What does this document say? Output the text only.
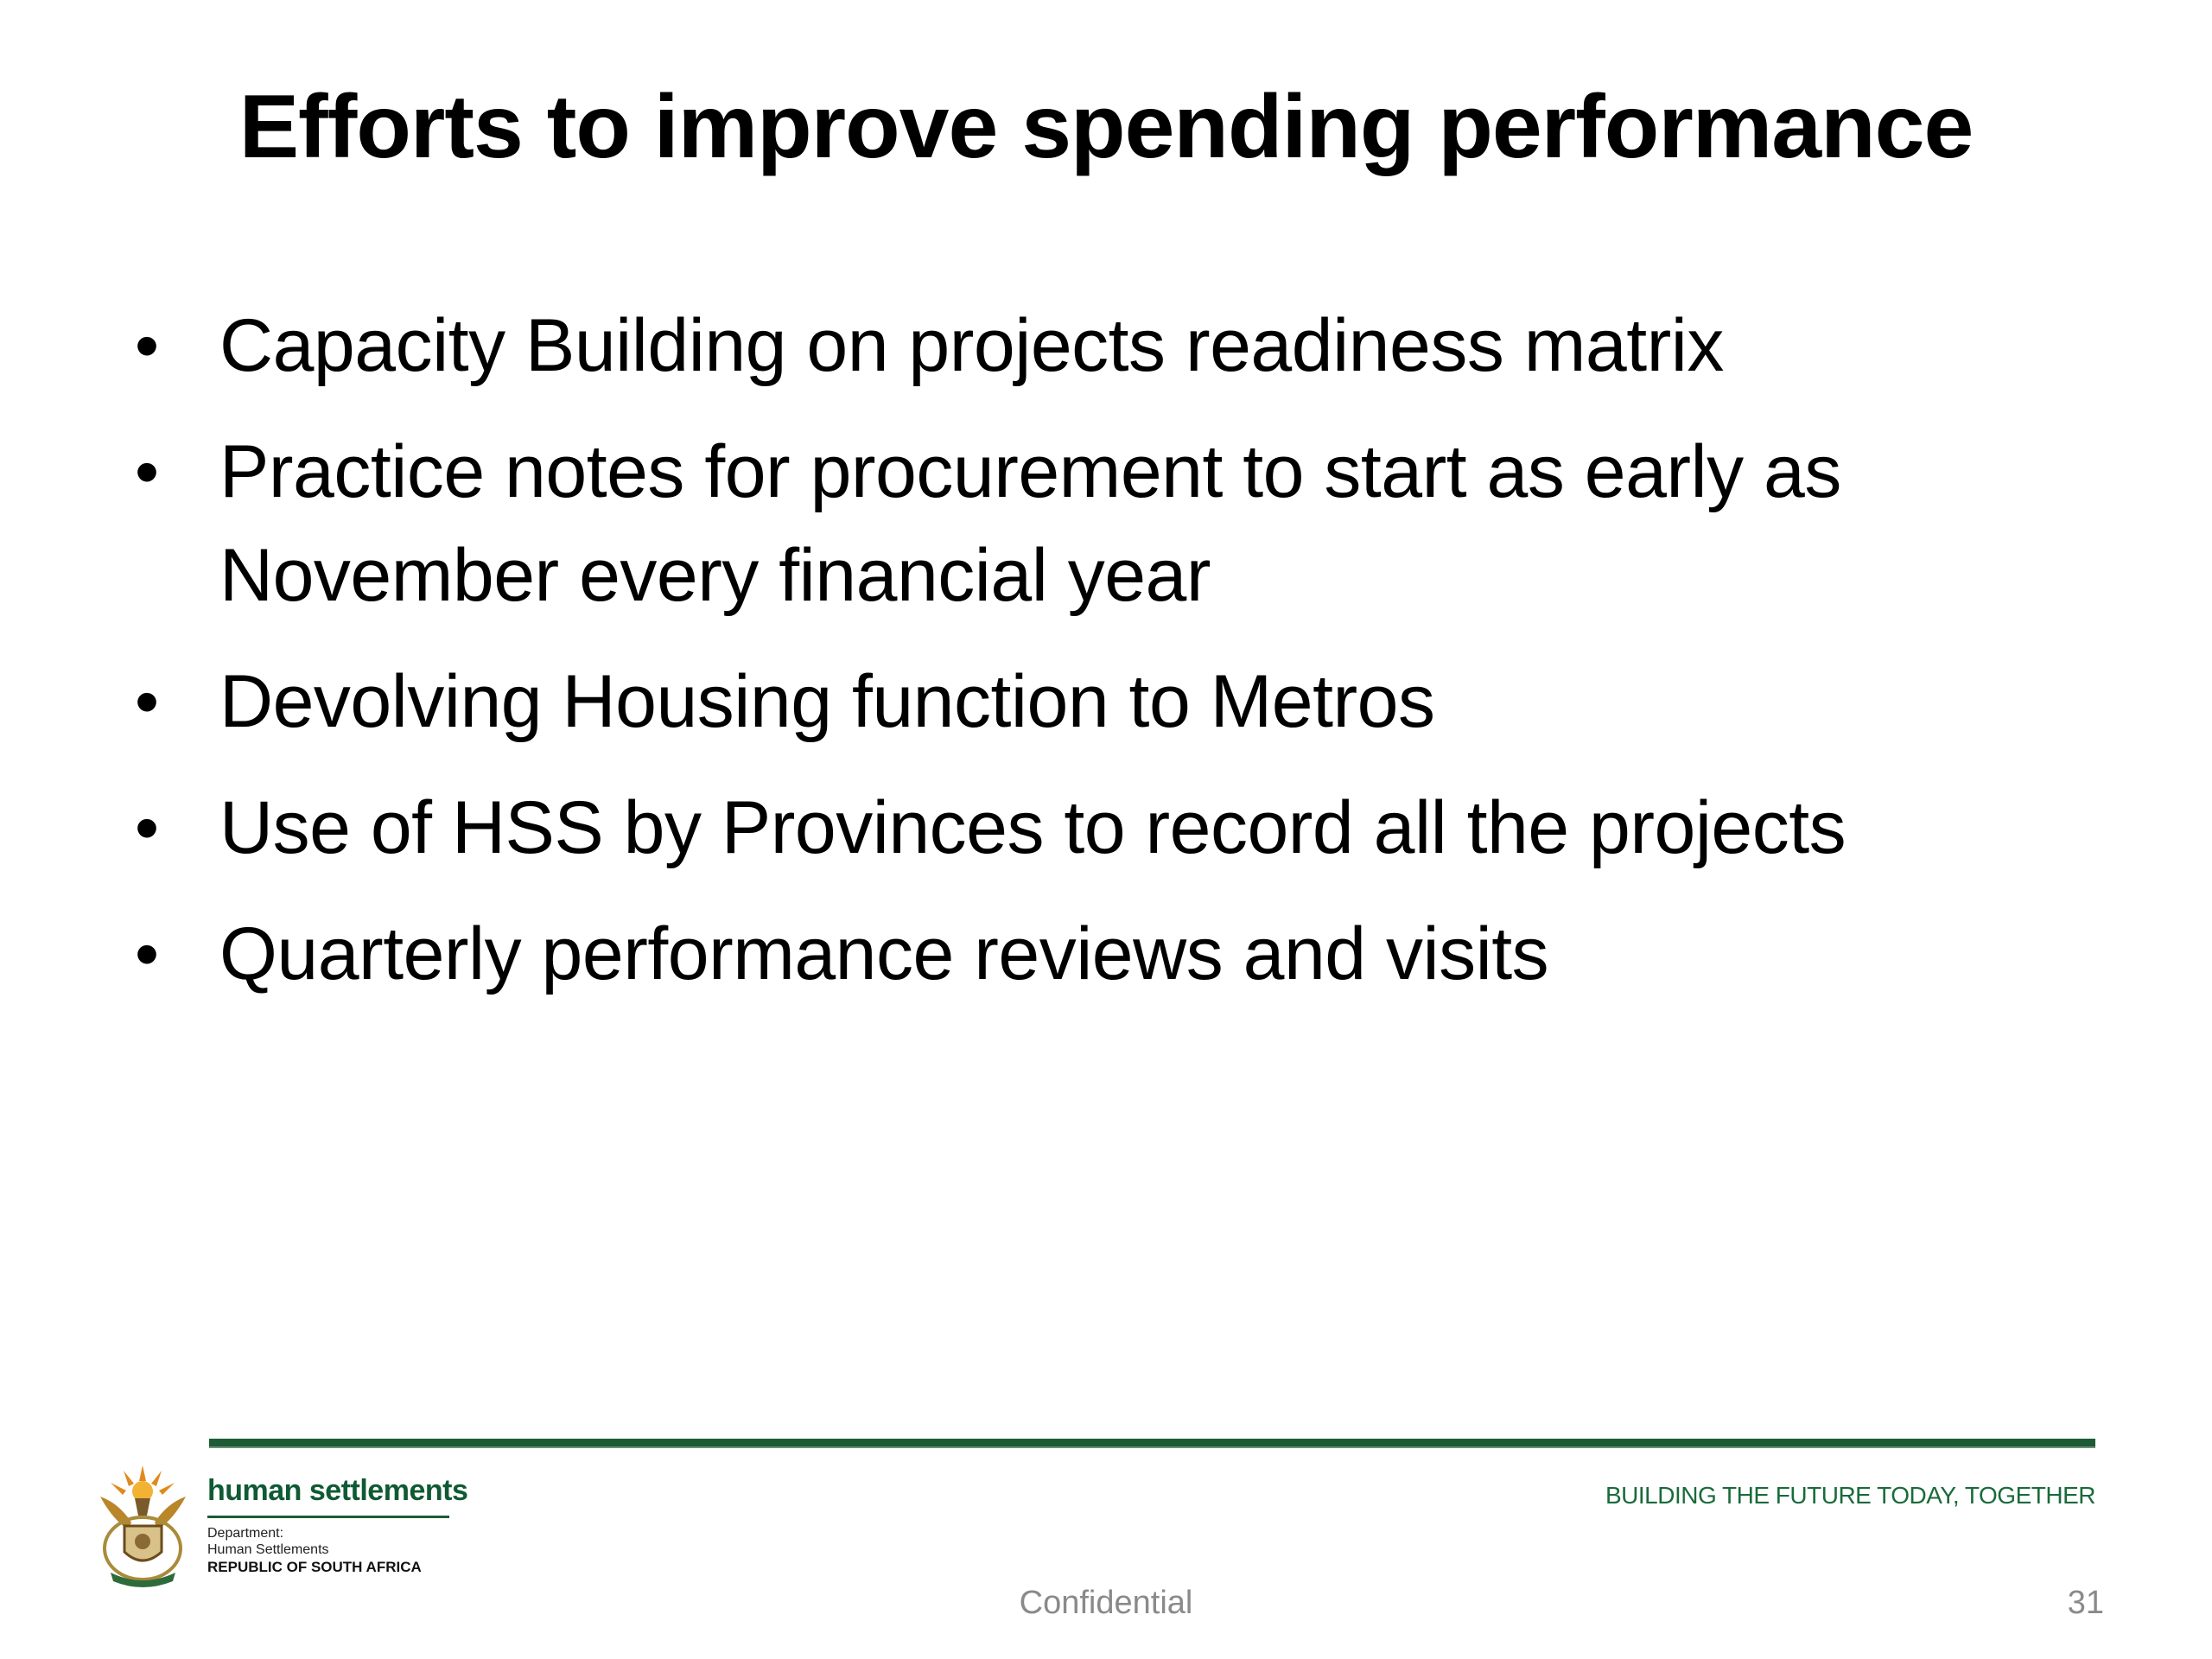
Efforts to improve spending performance
• Capacity Building on projects readiness matrix
• Practice notes for procurement to start as early as November every financial year
• Devolving Housing function to Metros
• Use of HSS by Provinces to record all the projects
• Quarterly performance reviews and visits
human settlements
Department:
Human Settlements
REPUBLIC OF SOUTH AFRICA
BUILDING THE FUTURE TODAY, TOGETHER
Confidential	31
